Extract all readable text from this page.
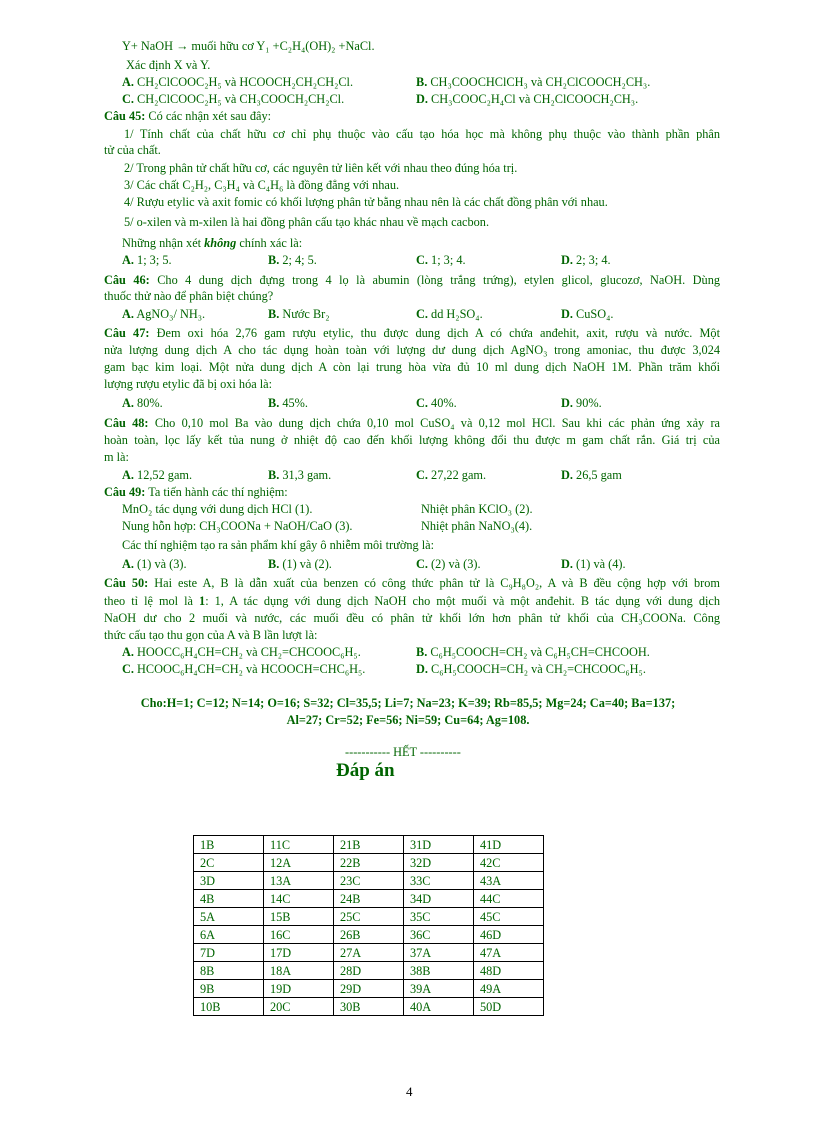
Y+ NaOH → muối hữu cơ Y₁ +C₂H₄(OH)₂ +NaCl.
Xác định X và Y.
A. CH₂ClCOOC₂H₅ và HCOOCH₂CH₂CH₂Cl.	B. CH₃COOCHClCH₃ và CH₂ClCOOCH₂CH₃.
C. CH₂ClCOOC₂H₅ và CH₃COOCH₂CH₂Cl.	D. CH₃COOC₂H₄Cl và CH₂ClCOOCH₂CH₃.
Câu 45: Có các nhận xét sau đây:
1/ Tính chất của chất hữu cơ chỉ phụ thuộc vào cấu tạo hóa học mà không phụ thuộc vào thành phần phân
tử của chất.
2/ Trong phân tử chất hữu cơ, các nguyên tử liên kết với nhau theo đúng hóa trị.
3/ Các chất C₂H₂, C₃H₄ và C₄H₆ là đồng đẳng với nhau.
4/ Rượu etylic và axit fomic có khối lượng phân tử bằng nhau nên là các chất đồng phân với nhau.
5/ o-xilen và m-xilen là hai đồng phân cấu tạo khác nhau về mạch cacbon.
Những nhận xét không chính xác là:
A. 1; 3; 5.	B. 2; 4; 5.	C. 1; 3; 4.	D. 2; 3; 4.
Câu 46: Cho 4 dung dịch đựng trong 4 lọ là abumin (lòng trắng trứng), etylen glicol, glucozơ, NaOH. Dùng
thuốc thử nào để phân biệt chúng?
A. AgNO₃/ NH₃.	B. Nước Br₂	C. dd H₂SO₄.	D. CuSO₄.
Câu 47: Đem oxi hóa 2,76 gam rượu etylic, thu được dung dịch A có chứa anđehit, axit, rượu và nước. Một
nửa lượng dung dịch A cho tác dụng hoàn toàn với lượng dư dung dịch AgNO₃ trong amoniac, thu được 3,024
gam bạc kim loại. Một nửa dung dịch A còn lại trung hòa vừa đủ 10 ml dung dịch NaOH 1M. Phần trăm khối
lượng rượu etylic đã bị oxi hóa là:
A. 80%.	B. 45%.	C. 40%.	D. 90%.
Câu 48: Cho 0,10 mol Ba vào dung dịch chứa 0,10 mol CuSO₄ và 0,12 mol HCl. Sau khi các phản ứng xảy ra
hoàn toàn, lọc lấy kết tủa nung ở nhiệt độ cao đến khối lượng không đổi thu được m gam chất rắn. Giá trị của
m là:
A. 12,52 gam.	B. 31,3 gam.	C. 27,22 gam.	D. 26,5 gam
Câu 49: Ta tiến hành các thí nghiệm:
MnO₂ tác dụng với dung dịch HCl (1).	Nhiệt phân KClO₃ (2).
Nung hỗn hợp: CH₃COONa + NaOH/CaO (3).	Nhiệt phân NaNO₃(4).
Các thí nghiệm tạo ra sản phẩm khí gây ô nhiễm môi trường là:
A. (1) và (3).	B. (1) và (2).	C. (2) và (3).	D. (1) và (4).
Câu 50: Hai este A, B là dẫn xuất của benzen có công thức phân tử là C₉H₈O₂, A và B đều cộng hợp với brom
theo tỉ lệ mol là 1: 1, A tác dụng với dung dịch NaOH cho một muối và một anđehit. B tác dụng với dung dịch
NaOH dư cho 2 muối và nước, các muối đều có phân tử khối lớn hơn phân tử khối của CH₃COONa. Công
thức cấu tạo thu gọn của A và B lần lượt là:
A. HOOCC₆H₄CH=CH₂ và CH₂=CHCOOC₆H₅.	B. C₆H₅COOCH=CH₂ và C₆H₅CH=CHCOOH.
C. HCOOC₆H₄CH=CH₂ và HCOOCH=CHC₆H₅.	D. C₆H₅COOCH=CH₂ và CH₂=CHCOOC₆H₅.
Cho:H=1; C=12; N=14; O=16; S=32; Cl=35,5; Li=7; Na=23; K=39; Rb=85,5; Mg=24; Ca=40; Ba=137;
Al=27; Cr=52; Fe=56; Ni=59; Cu=64; Ag=108.
----------- HẾT ----------
Đáp án
1B	11C	21B	31D	41D
2C	12A	22B	32D	42C
3D	13A	23C	33C	43A
4B	14C	24B	34D	44C
5A	15B	25C	35C	45C
6A	16C	26B	36C	46D
7D	17D	27A	37A	47A
8B	18A	28D	38B	48D
9B	19D	29D	39A	49A
10B	20C	30B	40A	50D
4
